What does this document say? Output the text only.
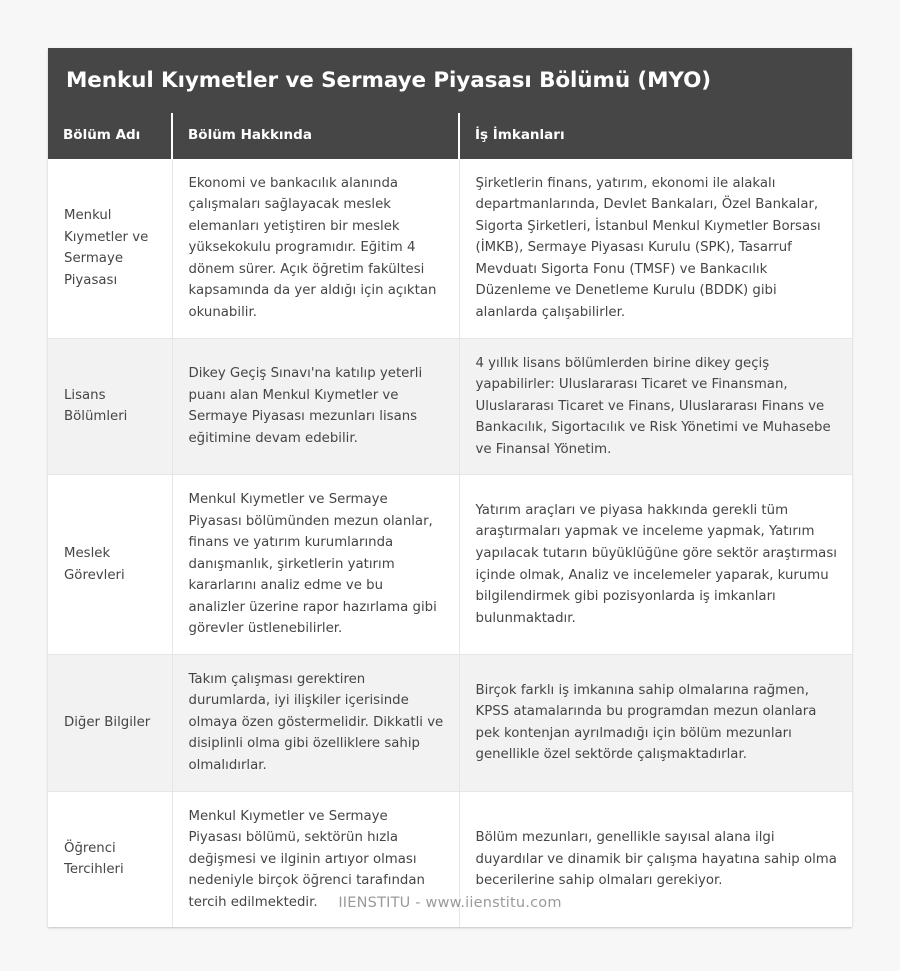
Menkul Kıymetler ve Sermaye Piyasası Bölümü (MYO)
Bölüm Adı	Bölüm Hakkında	İş İmkanları
Menkul Kıymetler ve Sermaye Piyasası	Ekonomi ve bankacılık alanında çalışmaları sağlayacak meslek elemanları yetiştiren bir meslek yüksekokulu programıdır. Eğitim 4 dönem sürer. Açık öğretim fakültesi kapsamında da yer aldığı için açıktan okunabilir.	Şirketlerin finans, yatırım, ekonomi ile alakalı departmanlarında, Devlet Bankaları, Özel Bankalar, Sigorta Şirketleri, İstanbul Menkul Kıymetler Borsası (İMKB), Sermaye Piyasası Kurulu (SPK), Tasarruf Mevduatı Sigorta Fonu (TMSF) ve Bankacılık Düzenleme ve Denetleme Kurulu (BDDK) gibi alanlarda çalışabilirler.
Lisans Bölümleri	Dikey Geçiş Sınavı'na katılıp yeterli puanı alan Menkul Kıymetler ve Sermaye Piyasası mezunları lisans eğitimine devam edebilir.	4 yıllık lisans bölümlerden birine dikey geçiş yapabilirler: Uluslararası Ticaret ve Finansman, Uluslararası Ticaret ve Finans, Uluslararası Finans ve Bankacılık, Sigortacılık ve Risk Yönetimi ve Muhasebe ve Finansal Yönetim.
Meslek Görevleri	Menkul Kıymetler ve Sermaye Piyasası bölümünden mezun olanlar, finans ve yatırım kurumlarında danışmanlık, şirketlerin yatırım kararlarını analiz edme ve bu analizler üzerine rapor hazırlama gibi görevler üstlenebilirler.	Yatırım araçları ve piyasa hakkında gerekli tüm araştırmaları yapmak ve inceleme yapmak, Yatırım yapılacak tutarın büyüklüğüne göre sektör araştırması içinde olmak, Analiz ve incelemeler yaparak, kurumu bilgilendirmek gibi pozisyonlarda iş imkanları bulunmaktadır.
Diğer Bilgiler	Takım çalışması gerektiren durumlarda, iyi ilişkiler içerisinde olmaya özen göstermelidir. Dikkatli ve disiplinli olma gibi özelliklere sahip olmalıdırlar.	Birçok farklı iş imkanına sahip olmalarına rağmen, KPSS atamalarında bu programdan mezun olanlara pek kontenjan ayrılmadığı için bölüm mezunları genellikle özel sektörde çalışmaktadırlar.
Öğrenci Tercihleri	Menkul Kıymetler ve Sermaye Piyasası bölümü, sektörün hızla değişmesi ve ilginin artıyor olması nedeniyle birçok öğrenci tarafından tercih edilmektedir.	Bölüm mezunları, genellikle sayısal alana ilgi duyardılar ve dinamik bir çalışma hayatına sahip olma becerilerine sahip olmaları gerekiyor.
IIENSTITU - www.iienstitu.com
